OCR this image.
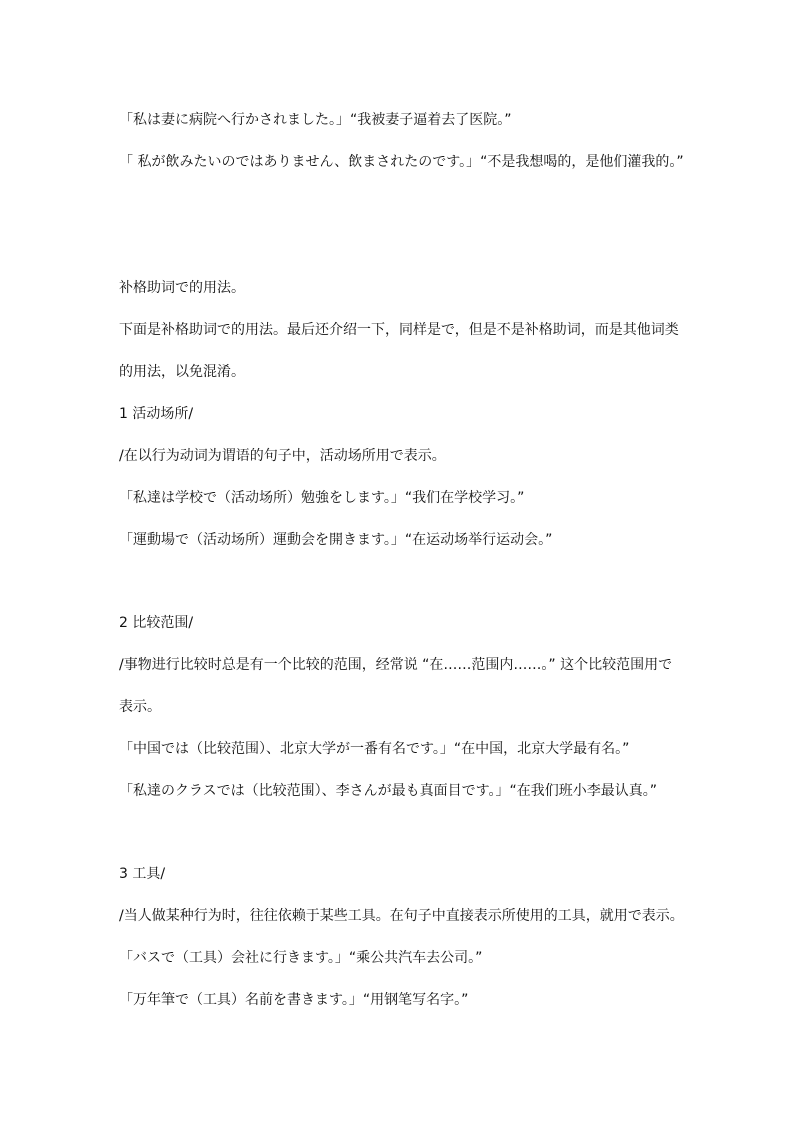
「私は妻に病院へ行かされました。」“我被妻子逼着去了医院。”
「 私が飲みたいのではありません、飲まされたのです。」“不是我想喝的，是他们灌我的。”
补格助词で的用法。
下面是补格助词で的用法。最后还介绍一下，同样是で，但是不是补格助词，而是其他词类
的用法，以免混淆。
1 活动场所/
/在以行为动词为谓语的句子中，活动场所用で表示。
「私達は学校で（活动场所）勉強をします。」“我们在学校学习。”
「運動場で（活动场所）運動会を開きます。」“在运动场举行运动会。”
2 比较范围/
/事物进行比较时总是有一个比较的范围，经常说 “在……范围内……。” 这个比较范围用で
表示。
「中国では（比较范围）、北京大学が一番有名です。」“在中国，北京大学最有名。”
「私達のクラスでは（比较范围）、李さんが最も真面目です。」“在我们班小李最认真。”
3 工具/
/当人做某种行为时，往往依赖于某些工具。在句子中直接表示所使用的工具，就用で表示。
「バスで（工具）会社に行きます。」“乘公共汽车去公司。”
「万年筆で（工具）名前を書きます。」“用钢笔写名字。”
